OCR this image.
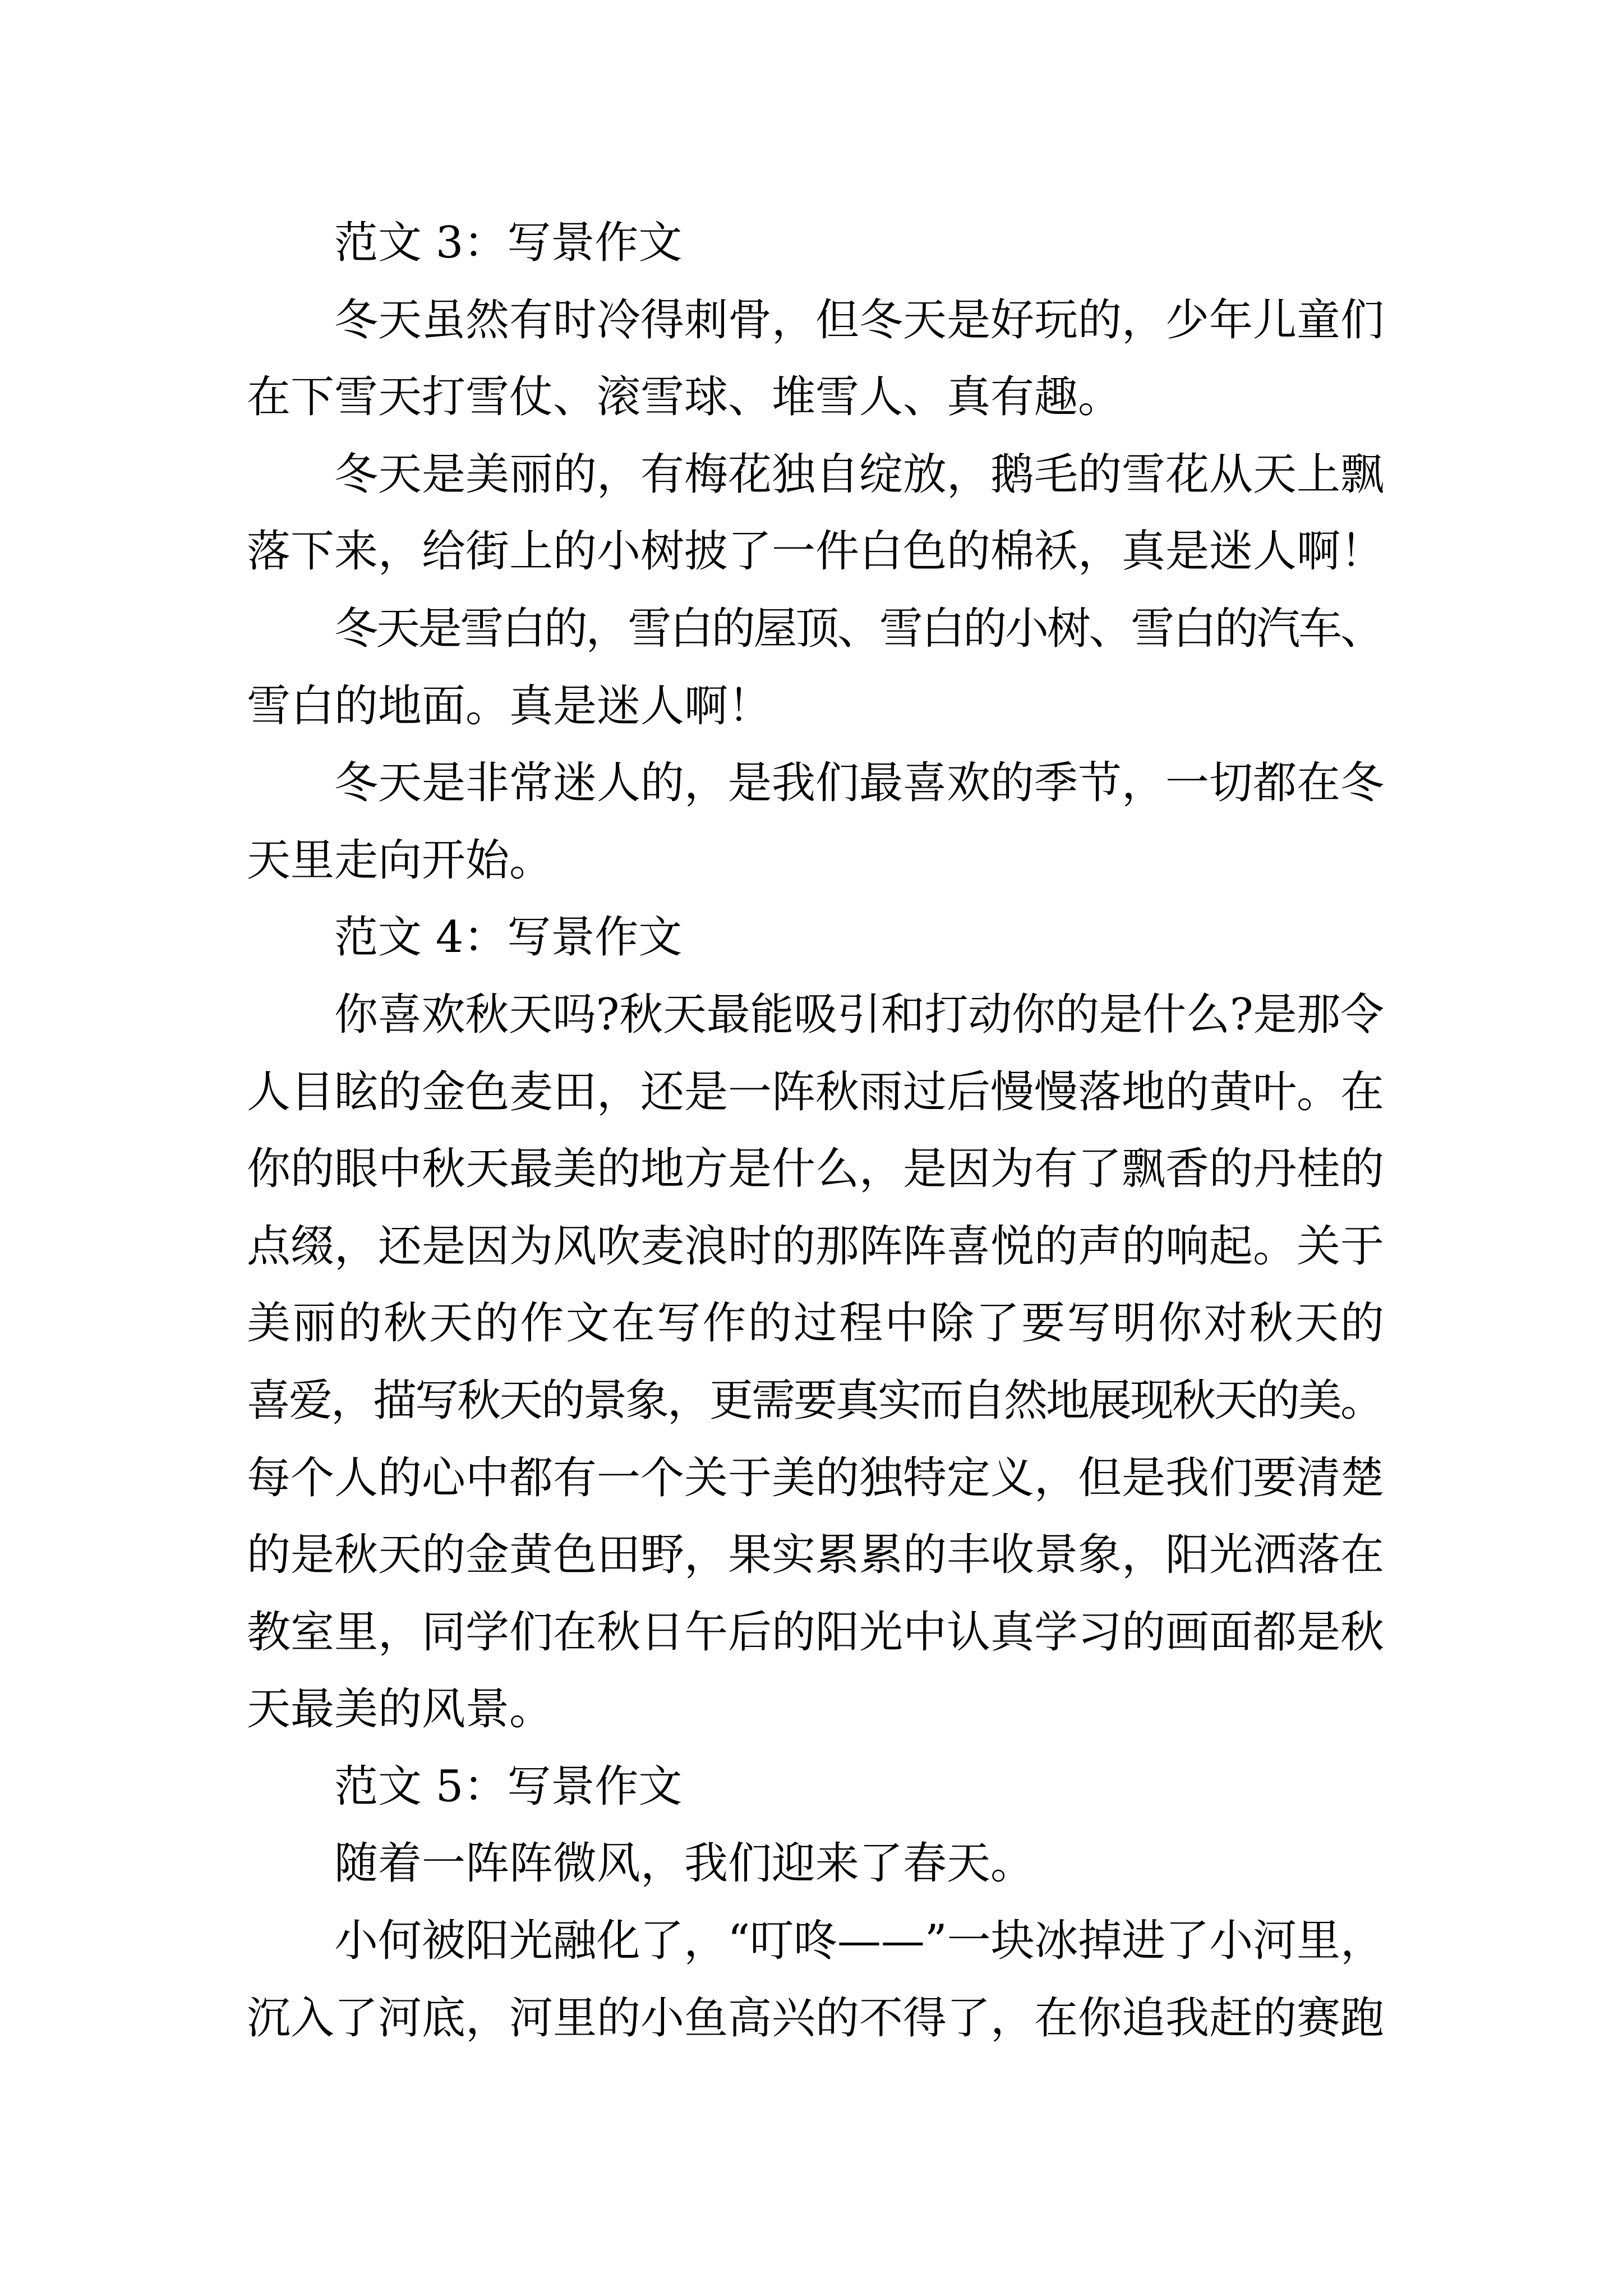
范文 3：写景作文
冬天虽然有时冷得刺骨，但冬天是好玩的，少年儿童们
在下雪天打雪仗、滚雪球、堆雪人、真有趣。
冬天是美丽的，有梅花独自绽放，鹅毛的雪花从天上飘
落下来，给街上的小树披了一件白色的棉袄，真是迷人啊！
冬天是雪白的，雪白的屋顶、雪白的小树、雪白的汽车、
雪白的地面。真是迷人啊！
冬天是非常迷人的，是我们最喜欢的季节，一切都在冬
天里走向开始。
范文 4：写景作文
你喜欢秋天吗?秋天最能吸引和打动你的是什么?是那令
人目眩的金色麦田，还是一阵秋雨过后慢慢落地的黄叶。在
你的眼中秋天最美的地方是什么，是因为有了飘香的丹桂的
点缀，还是因为风吹麦浪时的那阵阵喜悦的声的响起。关于
美丽的秋天的作文在写作的过程中除了要写明你对秋天的
喜爱，描写秋天的景象，更需要真实而自然地展现秋天的美。
每个人的心中都有一个关于美的独特定义，但是我们要清楚
的是秋天的金黄色田野，果实累累的丰收景象，阳光洒落在
教室里，同学们在秋日午后的阳光中认真学习的画面都是秋
天最美的风景。
范文 5：写景作文
随着一阵阵微风，我们迎来了春天。
小何被阳光融化了，“叮咚——”一块冰掉进了小河里，
沉入了河底，河里的小鱼高兴的不得了，在你追我赶的赛跑
